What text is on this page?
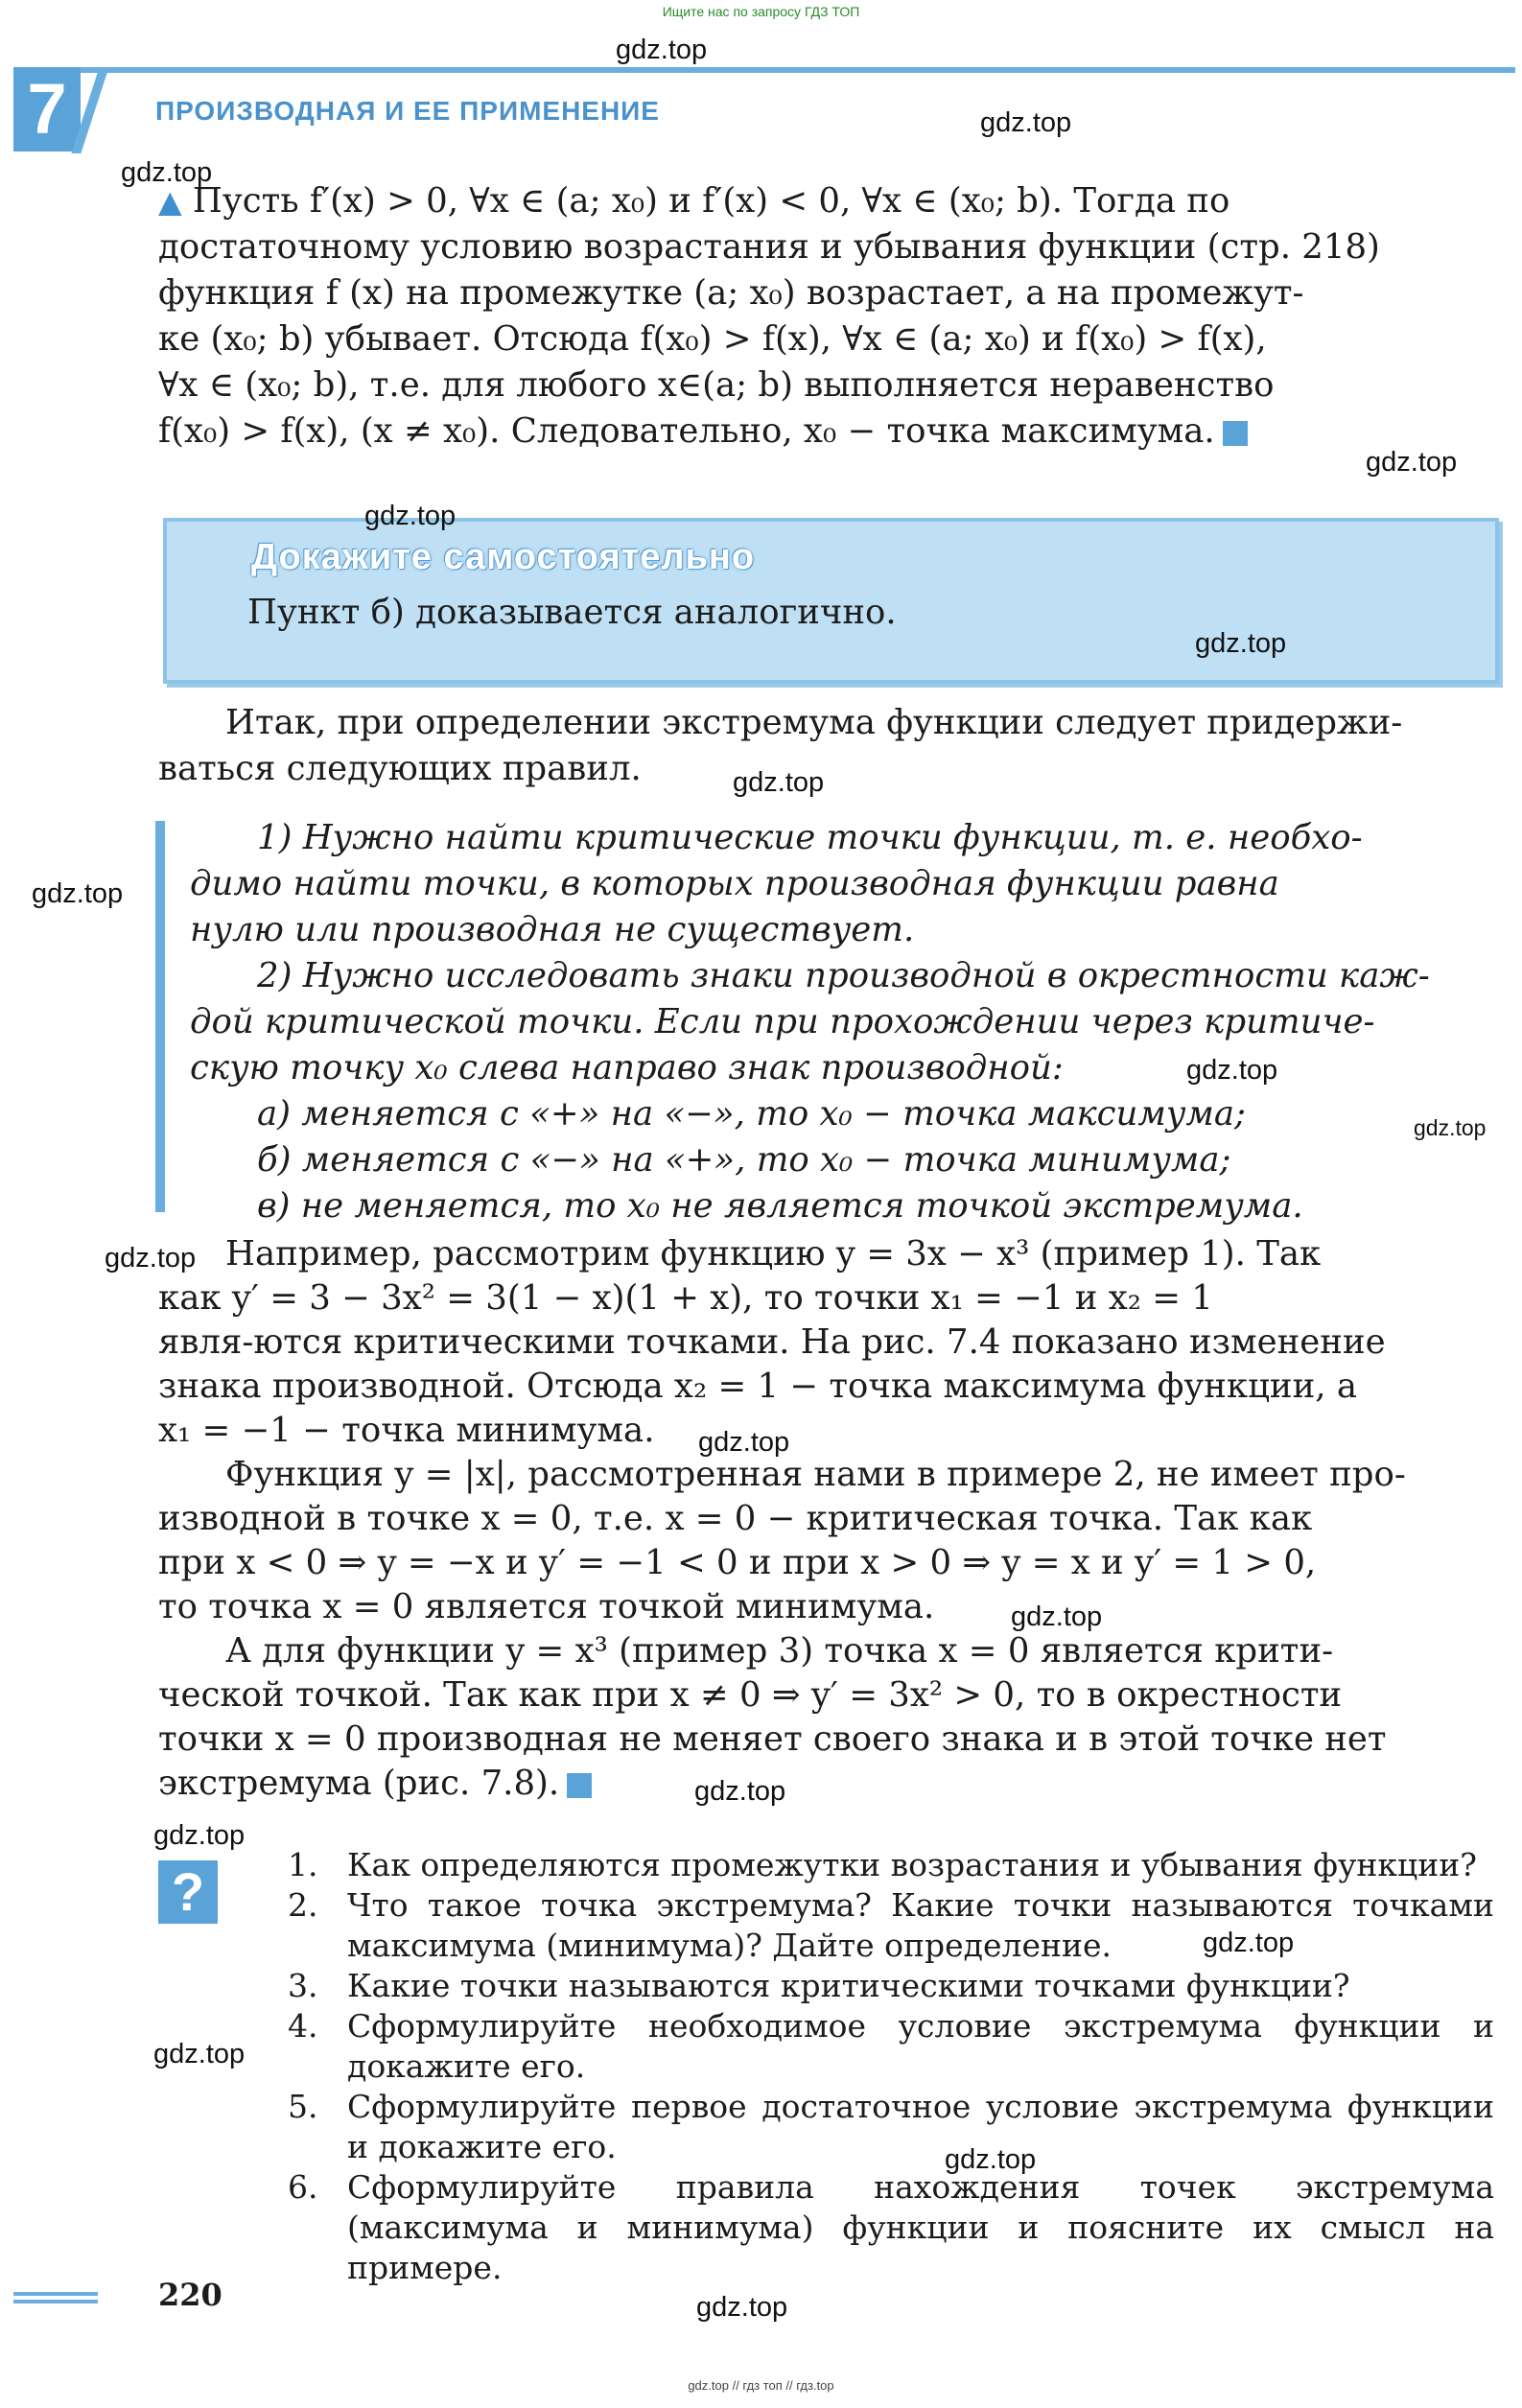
Ищите нас по запросу ГДЗ ТОП
7	ПРОИЗВОДНАЯ И ЕЕ ПРИМЕНЕНИЕ

▲ Пусть f′(x) > 0, ∀x ∈ (a; x₀) и f′(x) < 0, ∀x ∈ (x₀; b). Тогда по

достаточному условию возрастания и убывания функции (стр. 218)

функция f (x) на промежутке (a; x₀) возрастает, а на промежут-

ке (x₀; b) убывает. Отсюда f(x₀) > f(x), ∀x ∈ (a; x₀) и f(x₀) > f(x),

∀x ∈ (x₀; b), т.е. для любого x∈(a; b) выполняется неравенство

f(x₀) > f(x), (x ≠ x₀). Следовательно, x₀ − точка максимума.

Докажите самостоятельно
Пункт б) доказывается аналогично.

Итак, при определении экстремума функции следует придержи-

ваться следующих правил.

1) Нужно найти критические точки функции, т. е. необхо-

димо найти точки, в которых производная функции равна

нулю или производная не существует.

2) Нужно исследовать знаки производной в окрестности каж-

дой критической точки. Если при прохождении через критиче-

скую точку x₀ слева направо знак производной:

а) меняется с «+» на «−», то x₀ − точка максимума;

б) меняется с «−» на «+», то x₀ − точка минимума;

в) не меняется, то x₀ не является точкой экстремума.

Например, рассмотрим функцию y = 3x − x³ (пример 1). Так

как y′ = 3 − 3x² = 3(1 − x)(1 + x), то точки x₁ = −1 и x₂ = 1

явля-ются критическими точками. На рис. 7.4 показано изменение

знака производной. Отсюда x₂ = 1 − точка максимума функции, а

x₁ = −1 − точка минимума.

Функция y = |x|, рассмотренная нами в примере 2, не имеет про-

изводной в точке x = 0, т.е. x = 0 − критическая точка. Так как

при x < 0 ⇒ y = −x и y′ = −1 < 0 и при x > 0 ⇒ y = x и y′ = 1 > 0,

то точка x = 0 является точкой минимума.

А для функции y = x³ (пример 3) точка x = 0 является крити-

ческой точкой. Так как при x ≠ 0 ⇒ y′ = 3x² > 0, то в окрестности

точки x = 0 производная не меняет своего знака и в этой точке нет

экстремума (рис. 7.8).

?	1. Как определяются промежутки возрастания и убывания функции?
2. Что такое точка экстремума? Какие точки называются точками максимума (минимума)? Дайте определение.
3. Какие точки называются критическими точками функции?
4. Сформулируйте необходимое условие экстремума функции и докажите его.
5. Сформулируйте первое достаточное условие экстремума функции и докажите его.
6. Сформулируйте правила нахождения точек экстремума (максимума и минимума) функции и поясните их смысл на примере.
220
gdz.top
gdz.top
gdz.top
gdz.top
gdz.top
gdz.top
gdz.top
gdz.top
gdz.top
gdz.top
gdz.top
gdz.top
gdz.top
gdz.top
gdz.top
gdz.top
gdz.top
gdz.top
gdz.top
gdz.top // гдз топ // гдз.top
